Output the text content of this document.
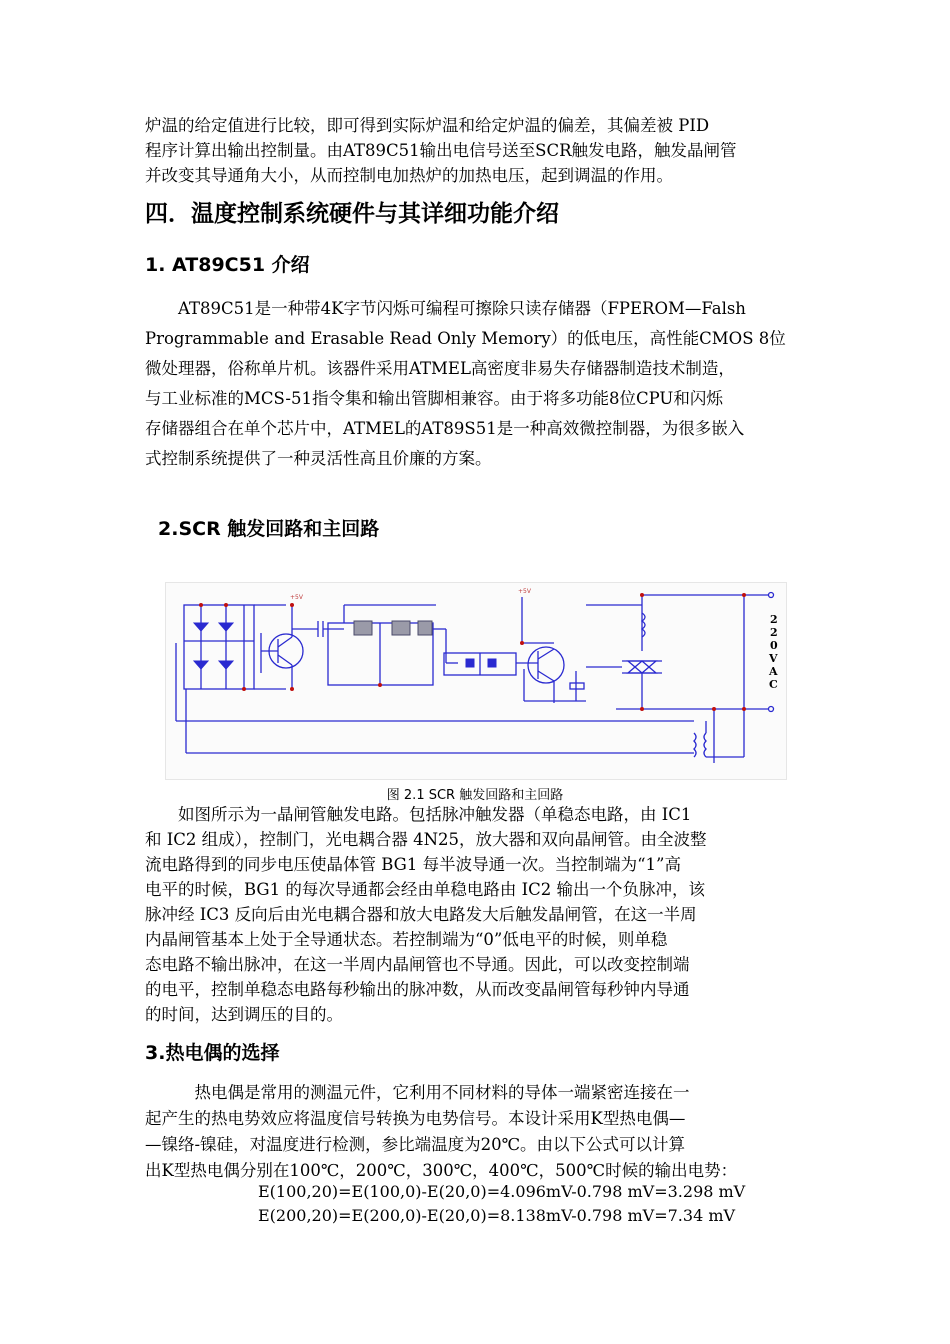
炉温的给定值进行比较，即可得到实际炉温和给定炉温的偏差，其偏差被 PID
程序计算出输出控制量。由AT89C51输出电信号送至SCR触发电路，触发晶闸管
并改变其导通角大小，从而控制电加热炉的加热电压，起到调温的作用。
四．温度控制系统硬件与其详细功能介绍
1. AT89C51 介绍
　　AT89C51是一种带4K字节闪烁可编程可擦除只读存储器（FPEROM—Falsh
Programmable and Erasable Read Only Memory）的低电压，高性能CMOS 8位
微处理器，俗称单片机。该器件采用ATMEL高密度非易失存储器制造技术制造，
与工业标准的MCS-51指令集和输出管脚相兼容。由于将多功能8位CPU和闪烁
存储器组合在单个芯片中，ATMEL的AT89S51是一种高效微控制器，为很多嵌入
式控制系统提供了一种灵活性高且价廉的方案。
2.SCR 触发回路和主回路
+5V
+5V
2
2
0
V
A
C

图 2.1 SCR 触发回路和主回路

　　如图所示为一晶闸管触发电路。包括脉冲触发器（单稳态电路，由 IC1
和 IC2 组成），控制门，光电耦合器 4N25，放大器和双向晶闸管。由全波整
流电路得到的同步电压使晶体管 BG1 每半波导通一次。当控制端为“1”高
电平的时候，BG1 的每次导通都会经由单稳电路由 IC2 输出一个负脉冲，该
脉冲经 IC3 反向后由光电耦合器和放大电路发大后触发晶闸管，在这一半周
内晶闸管基本上处于全导通状态。若控制端为“0”低电平的时候，则单稳
态电路不输出脉冲，在这一半周内晶闸管也不导通。因此，可以改变控制端
的电平，控制单稳态电路每秒输出的脉冲数，从而改变晶闸管每秒钟内导通
的时间，达到调压的目的。
3.热电偶的选择
　　　热电偶是常用的测温元件，它利用不同材料的导体一端紧密连接在一
起产生的热电势效应将温度信号转换为电势信号。本设计采用K型热电偶—
—镍络-镍硅，对温度进行检测，参比端温度为20℃。由以下公式可以计算
出K型热电偶分别在100℃，200℃，300℃，400℃，500℃时候的输出电势：

E(100,20)=E(100,0)-E(20,0)=4.096mV-0.798 mV=3.298 mV

E(200,20)=E(200,0)-E(20,0)=8.138mV-0.798 mV=7.34 mV
